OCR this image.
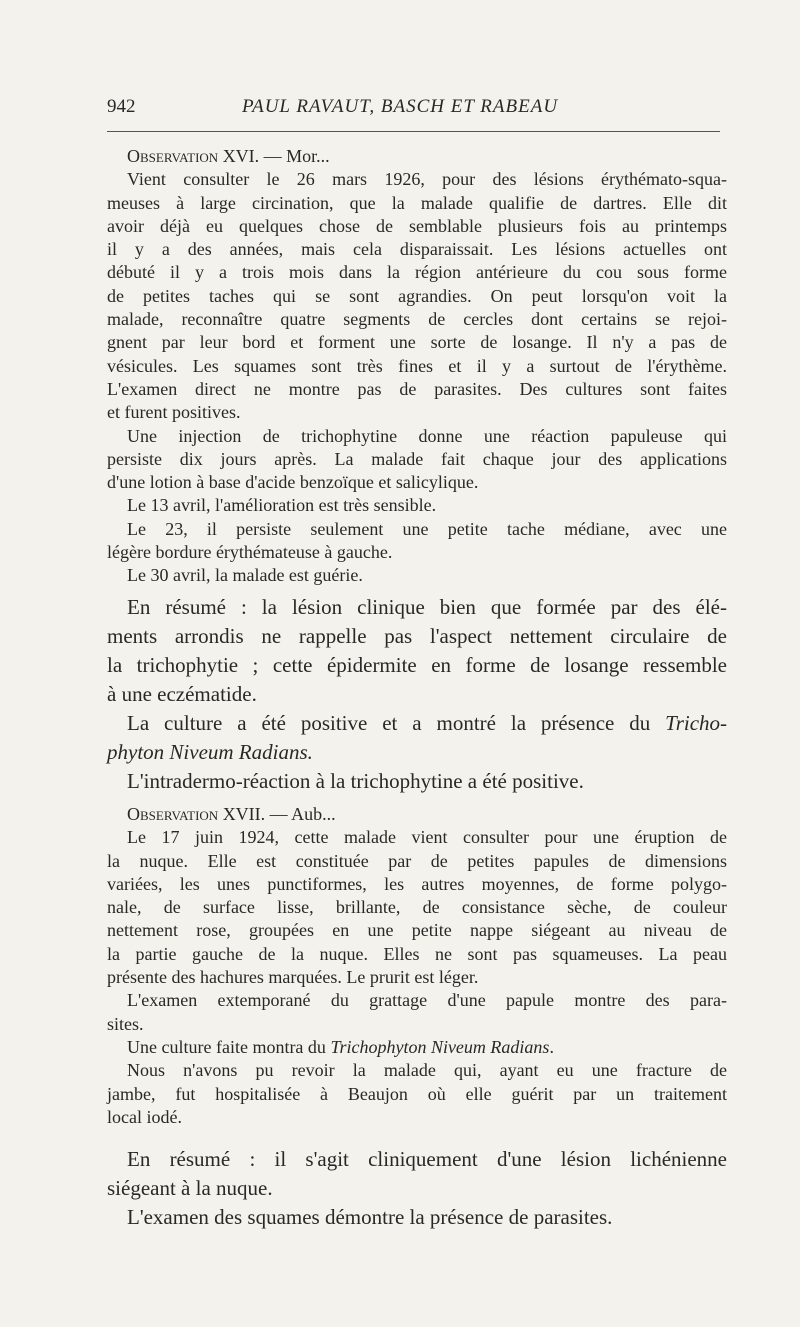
942	PAUL RAVAUT, BASCH ET RABEAU
Observation XVI. — Mor...
Vient consulter le 26 mars 1926, pour des lésions érythémato-squa-
meuses à large circination, que la malade qualifie de dartres. Elle dit
avoir déjà eu quelques chose de semblable plusieurs fois au printemps
il y a des années, mais cela disparaissait. Les lésions actuelles ont
débuté il y a trois mois dans la région antérieure du cou sous forme
de petites taches qui se sont agrandies. On peut lorsqu'on voit la
malade, reconnaître quatre segments de cercles dont certains se rejoi-
gnent par leur bord et forment une sorte de losange. Il n'y a pas de
vésicules. Les squames sont très fines et il y a surtout de l'érythème.
L'examen direct ne montre pas de parasites. Des cultures sont faites
et furent positives.
Une injection de trichophytine donne une réaction papuleuse qui
persiste dix jours après. La malade fait chaque jour des applications
d'une lotion à base d'acide benzoïque et salicylique.
Le 13 avril, l'amélioration est très sensible.
Le 23, il persiste seulement une petite tache médiane, avec une
légère bordure érythémateuse à gauche.
Le 30 avril, la malade est guérie.
En résumé : la lésion clinique bien que formée par des élé-
ments arrondis ne rappelle pas l'aspect nettement circulaire de
la trichophytie ; cette épidermite en forme de losange ressemble
à une eczématide.
La culture a été positive et a montré la présence du Tricho-
phyton Niveum Radians.
L'intradermo-réaction à la trichophytine a été positive.
Observation XVII. — Aub...
Le 17 juin 1924, cette malade vient consulter pour une éruption de
la nuque. Elle est constituée par de petites papules de dimensions
variées, les unes punctiformes, les autres moyennes, de forme polygo-
nale, de surface lisse, brillante, de consistance sèche, de couleur
nettement rose, groupées en une petite nappe siégeant au niveau de
la partie gauche de la nuque. Elles ne sont pas squameuses. La peau
présente des hachures marquées. Le prurit est léger.
L'examen extemporané du grattage d'une papule montre des para-
sites.
Une culture faite montra du Trichophyton Niveum Radians.
Nous n'avons pu revoir la malade qui, ayant eu une fracture de
jambe, fut hospitalisée à Beaujon où elle guérit par un traitement
local iodé.
En résumé : il s'agit cliniquement d'une lésion lichénienne
siégeant à la nuque.
L'examen des squames démontre la présence de parasites.
